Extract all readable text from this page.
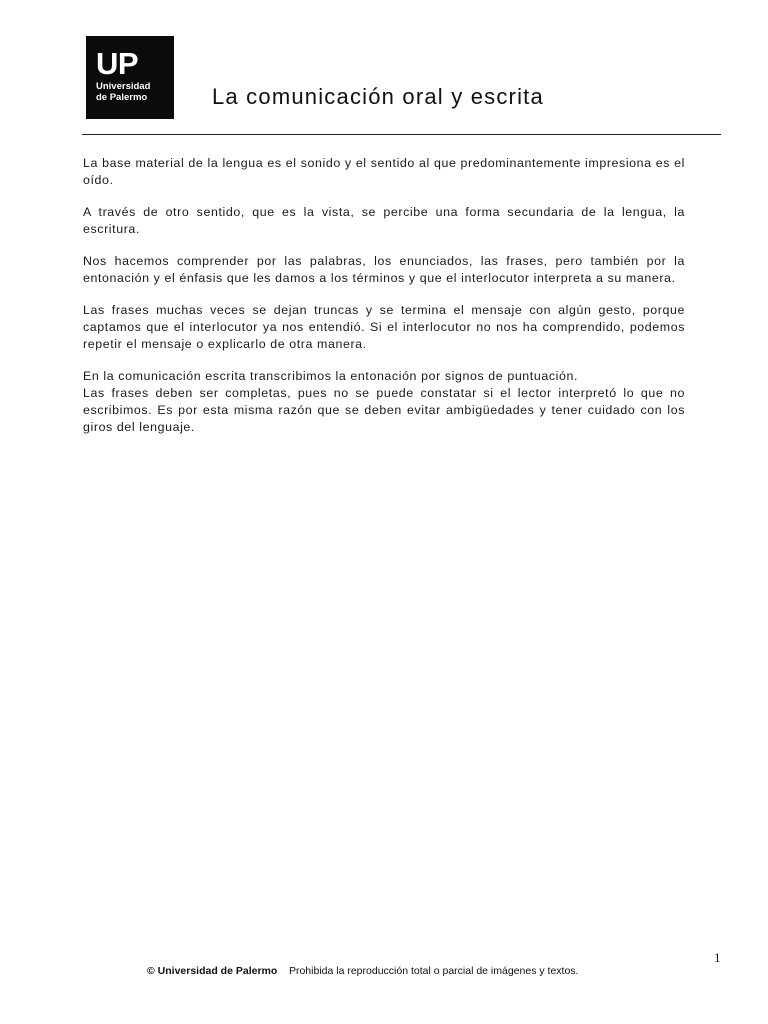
UP
Universidad
de Palermo	La comunicación oral y escrita

La base material de la lengua es el sonido y el sentido al que predominantemente impresiona es el oído.

A través de otro sentido, que es la vista, se percibe una forma secundaria de la lengua, la escritura.

Nos hacemos comprender por las palabras, los enunciados, las frases, pero también por la entonación y el énfasis que les damos a los términos y que el interlocutor interpreta a su manera.

Las frases muchas veces se dejan truncas y se termina el mensaje con algún gesto, porque captamos que el interlocutor ya nos entendió. Si el interlocutor no nos ha comprendido, podemos repetir el mensaje o explicarlo de otra manera.

En la comunicación escrita transcribimos la entonación por signos de puntuación.

Las frases deben ser completas, pues no se puede constatar si el lector interpretó lo que no escribimos. Es por esta misma razón que se deben evitar ambigüedades y tener cuidado con los giros del lenguaje.

1
© Universidad de Palermo Prohibida la reproducción total o parcial de imágenes y textos.
